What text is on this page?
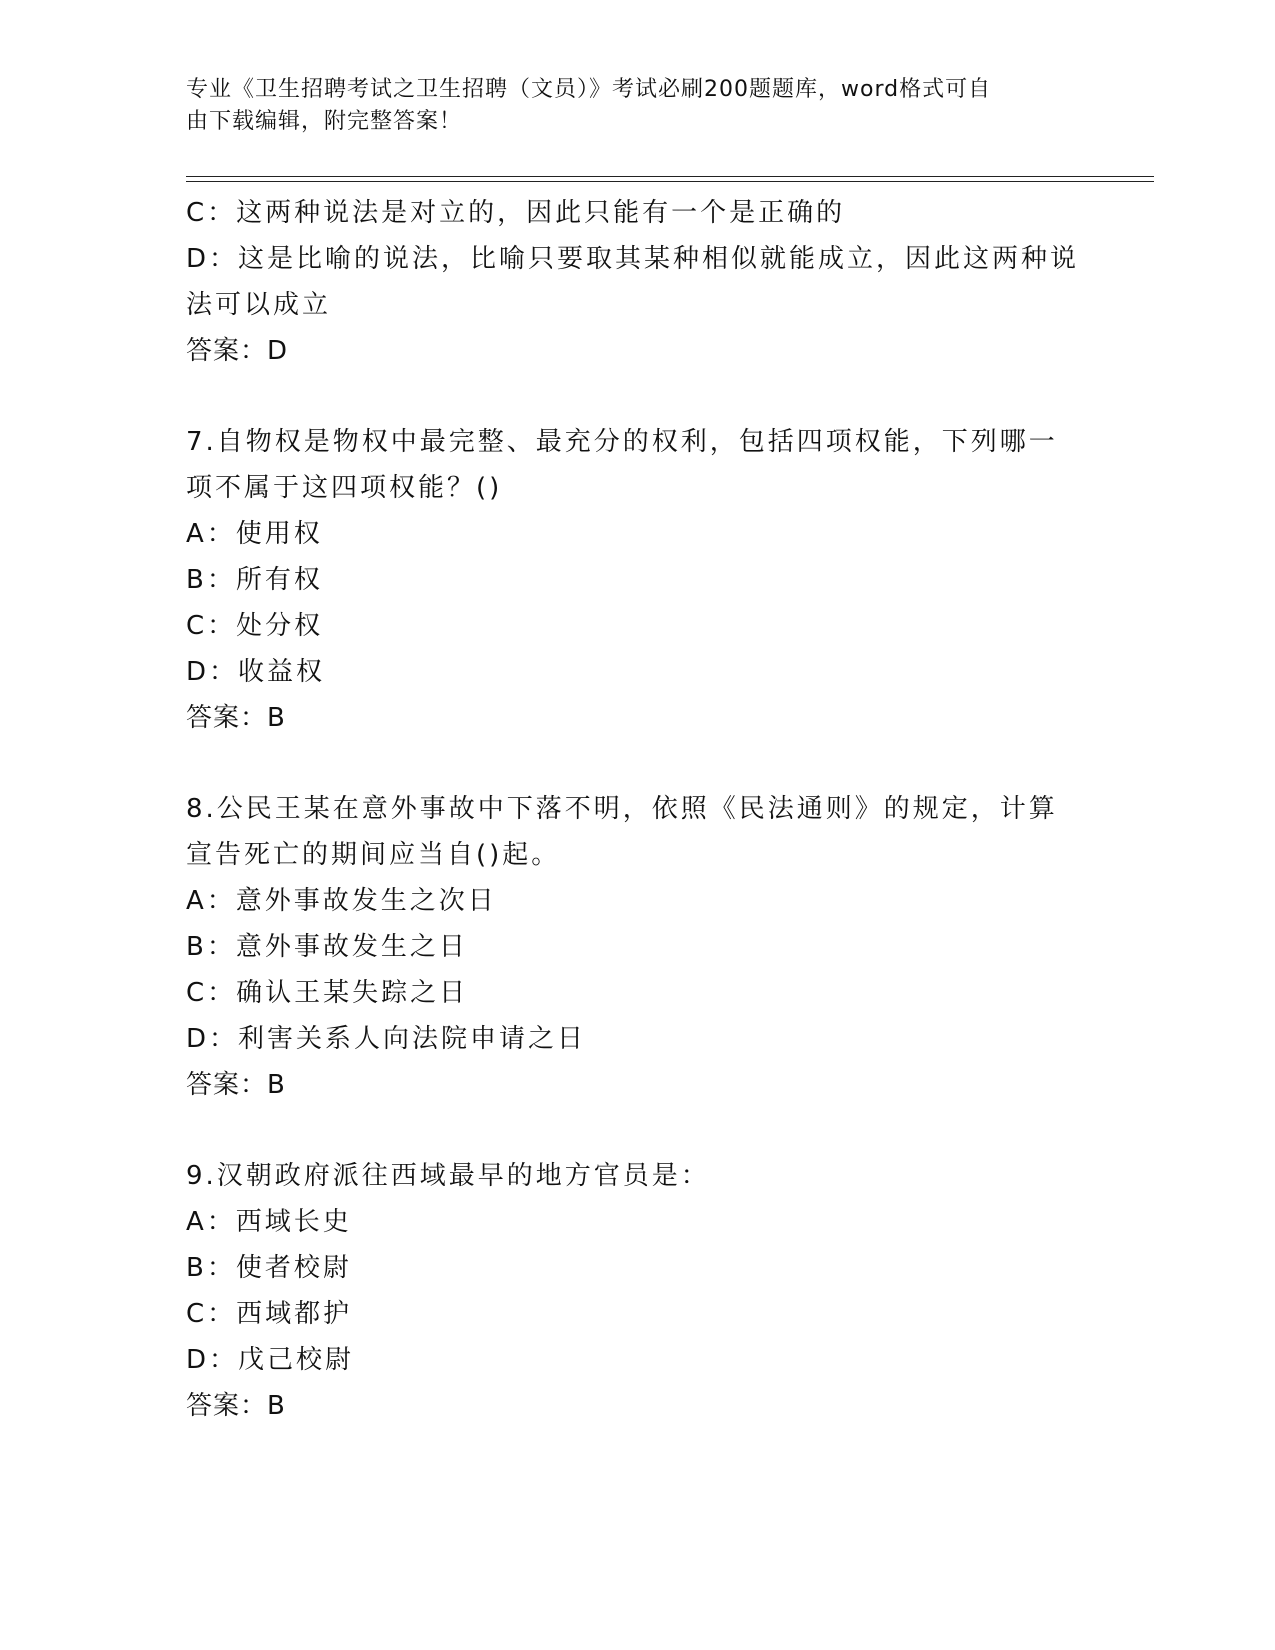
专业《卫生招聘考试之卫生招聘（文员）》考试必刷200题题库，word格式可自
由下载编辑，附完整答案！
C：这两种说法是对立的，因此只能有一个是正确的
D：这是比喻的说法，比喻只要取其某种相似就能成立，因此这两种说
法可以成立
答案：D
7.自物权是物权中最完整、最充分的权利，包括四项权能，下列哪一
项不属于这四项权能？()
A：使用权
B：所有权
C：处分权
D：收益权
答案：B
8.公民王某在意外事故中下落不明，依照《民法通则》的规定，计算
宣告死亡的期间应当自()起。
A：意外事故发生之次日
B：意外事故发生之日
C：确认王某失踪之日
D：利害关系人向法院申请之日
答案：B
9.汉朝政府派往西域最早的地方官员是：
A：西域长史
B：使者校尉
C：西域都护
D：戊己校尉
答案：B
